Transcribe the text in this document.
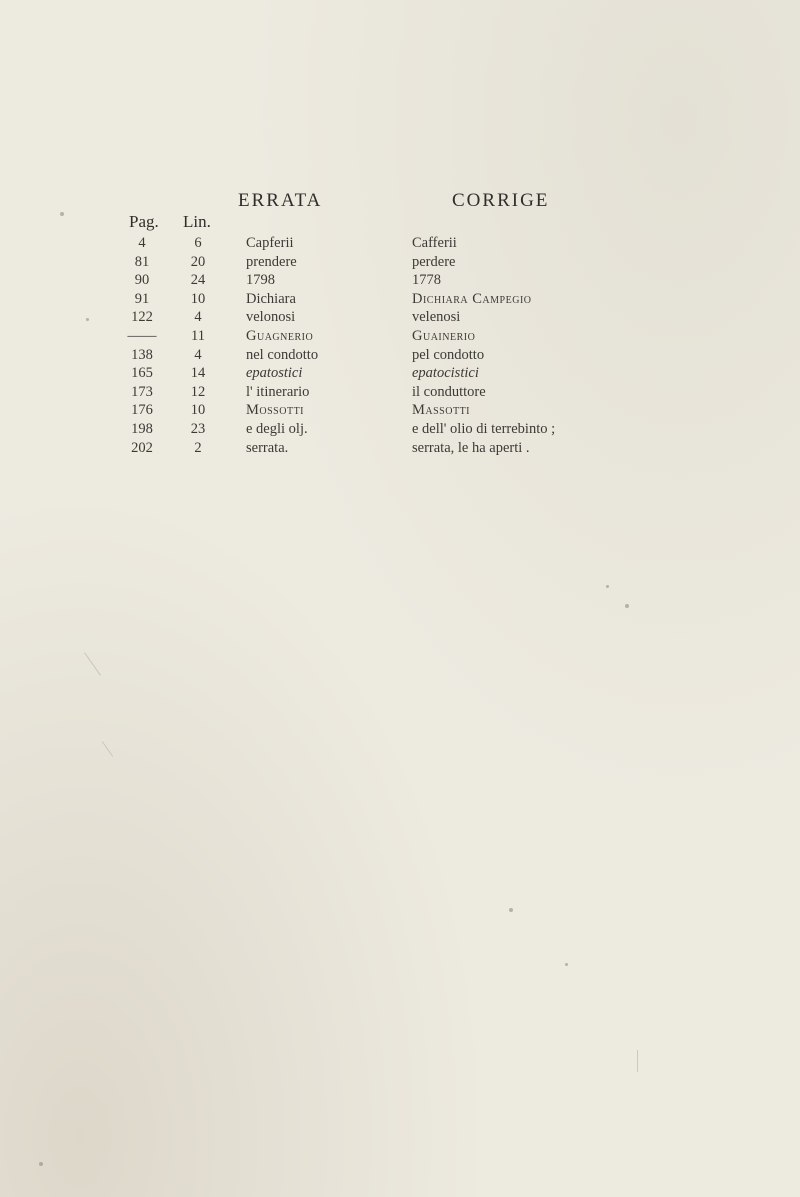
ERRATA	CORRIGE
Pag. Lin.
4	6	Capferii	Cafferii
81	20	prendere	perdere
90	24	1798	1778
91	10	Dichiara	Dichiara Campegio
122	4	velonosi	velenosi
——	11	Guagnerio	Guainerio
138	4	nel condotto	pel condotto
165	14	epatostici	epatocistici
173	12	l' itinerario	il conduttore
176	10	Mossotti	Massotti
198	23	e degli olj.	e dell' olio di terrebinto ;
202	2	serrata.	serrata, le ha aperti .
